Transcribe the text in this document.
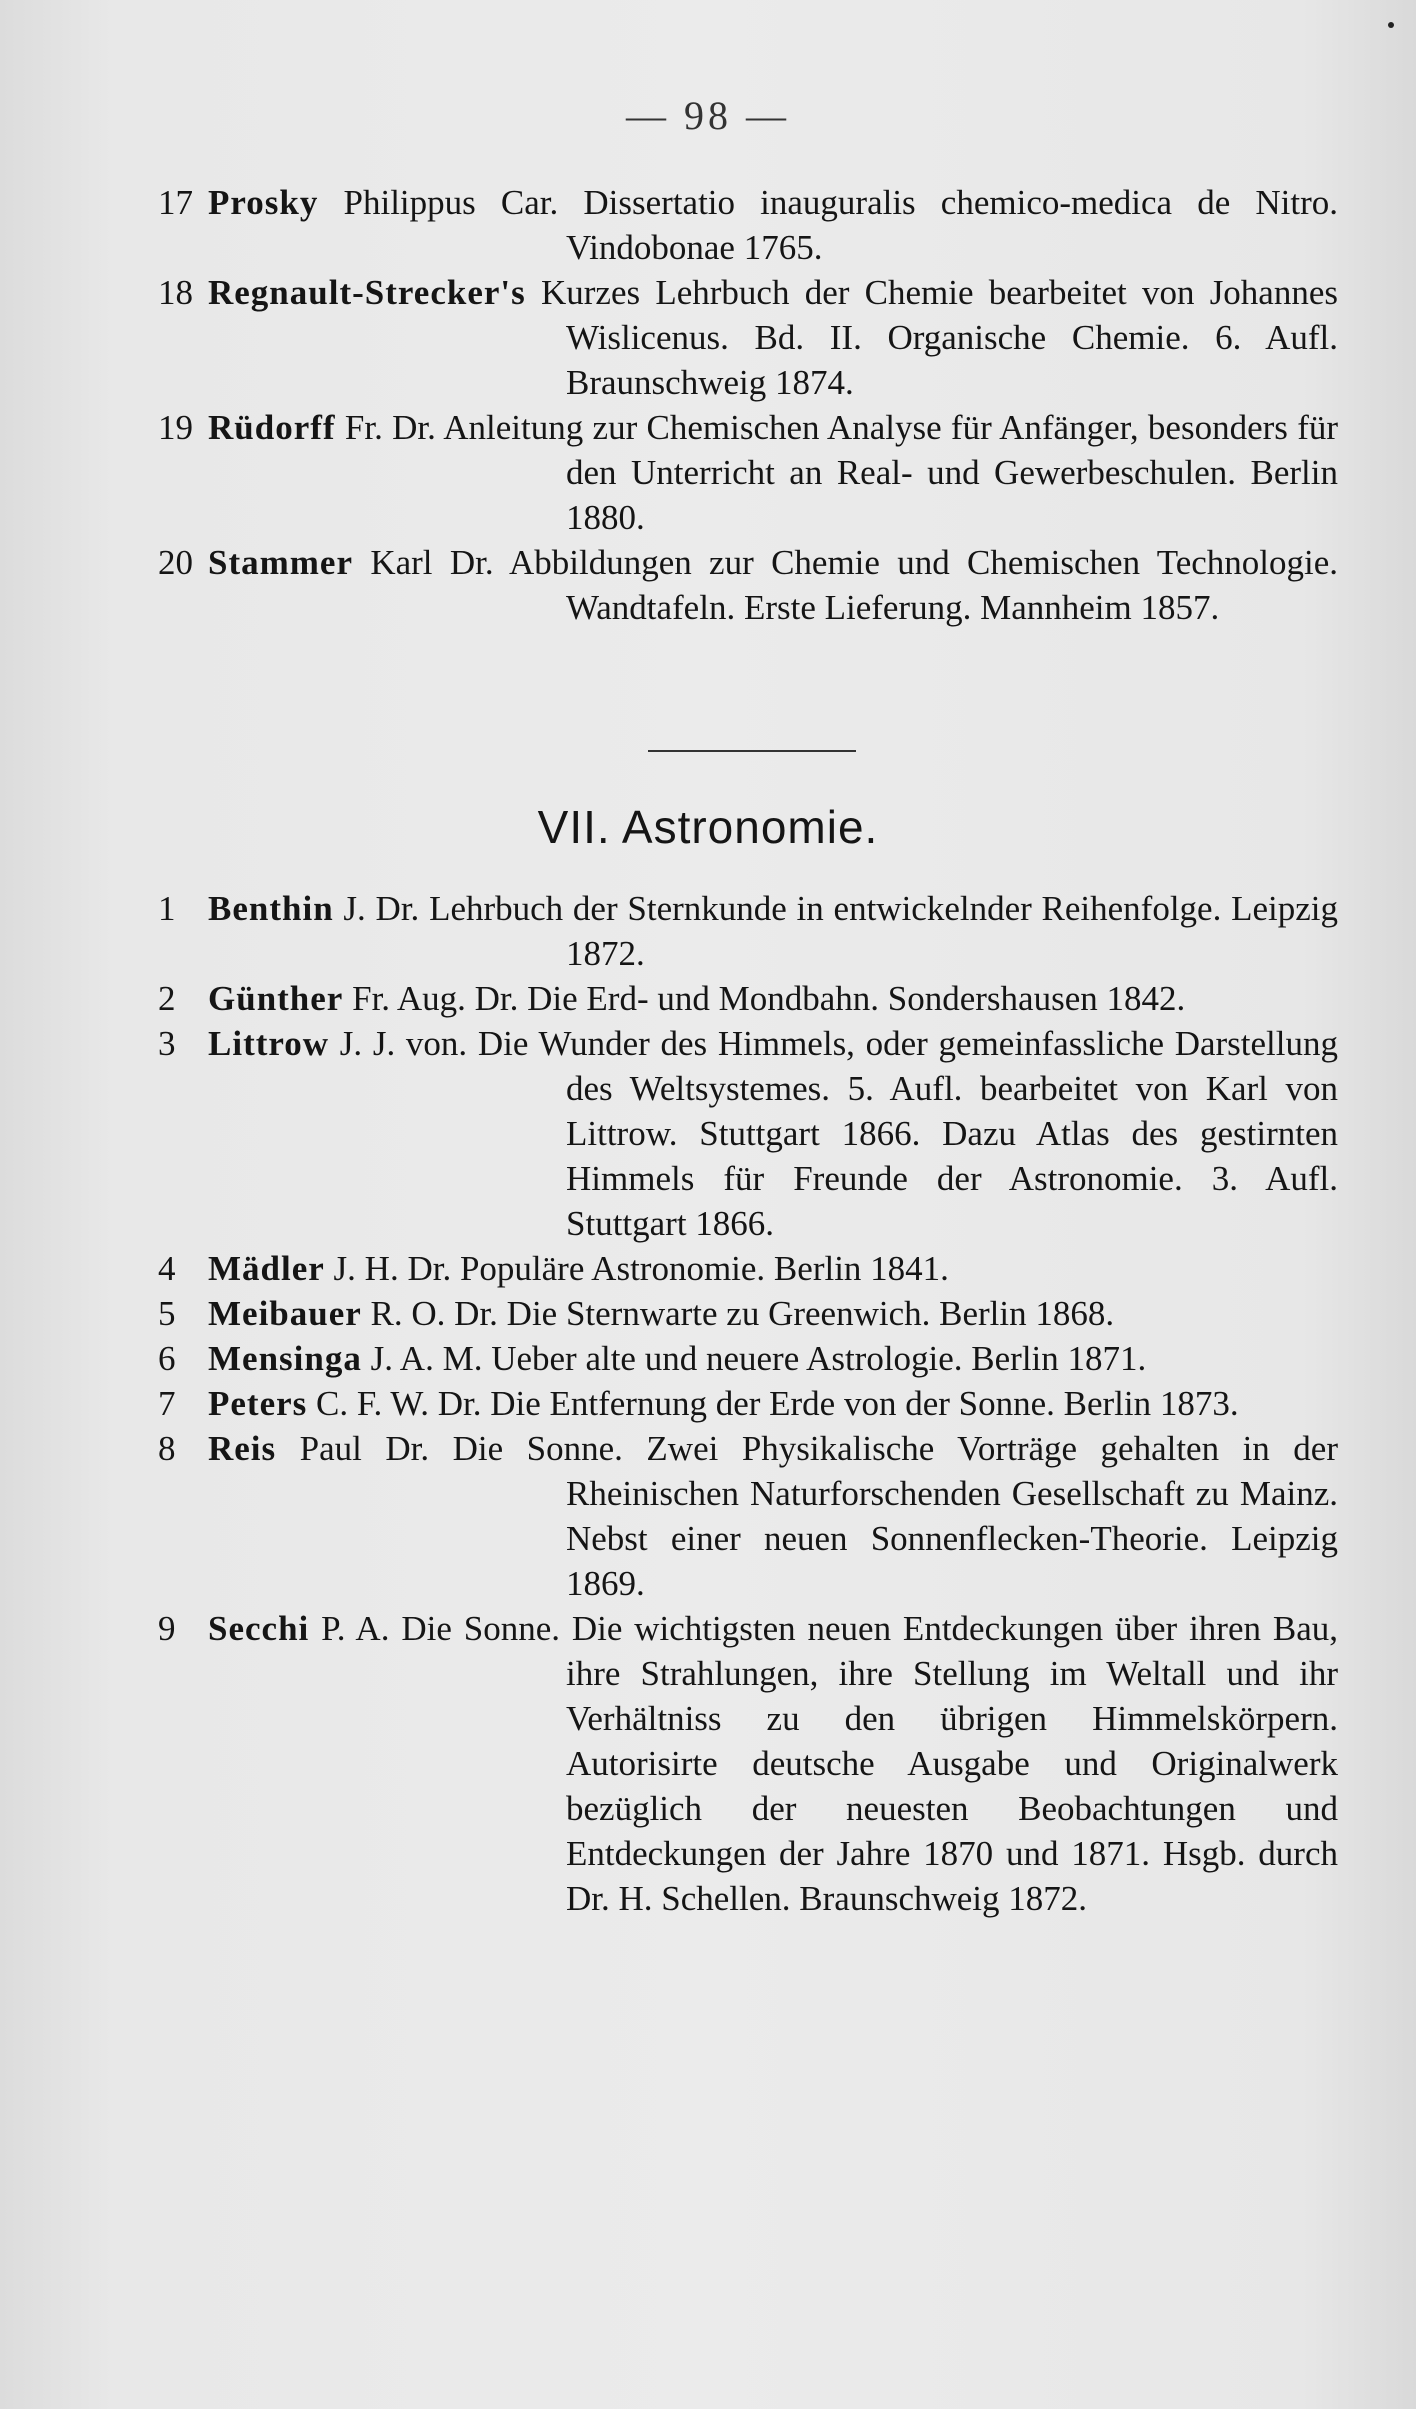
— 98 —
17 Prosky Philippus Car. Dissertatio inauguralis chemico-medica de Nitro. Vindobonae 1765.
18 Regnault-Strecker's Kurzes Lehrbuch der Chemie bearbeitet von Johannes Wislicenus. Bd. II. Organische Chemie. 6. Aufl. Braunschweig 1874.
19 Rüdorff Fr. Dr. Anleitung zur Chemischen Analyse für Anfänger, besonders für den Unterricht an Real- und Gewerbeschulen. Berlin 1880.
20 Stammer Karl Dr. Abbildungen zur Chemie und Chemischen Technologie. Wandtafeln. Erste Lieferung. Mannheim 1857.
VII. Astronomie.
1 Benthin J. Dr. Lehrbuch der Sternkunde in entwickelnder Reihenfolge. Leipzig 1872.
2 Günther Fr. Aug. Dr. Die Erd- und Mondbahn. Sondershausen 1842.
3 Littrow J. J. von. Die Wunder des Himmels, oder gemeinfassliche Darstellung des Weltsystemes. 5. Aufl. bearbeitet von Karl von Littrow. Stuttgart 1866. Dazu Atlas des gestirnten Himmels für Freunde der Astronomie. 3. Aufl. Stuttgart 1866.
4 Mädler J. H. Dr. Populäre Astronomie. Berlin 1841.
5 Meibauer R. O. Dr. Die Sternwarte zu Greenwich. Berlin 1868.
6 Mensinga J. A. M. Ueber alte und neuere Astrologie. Berlin 1871.
7 Peters C. F. W. Dr. Die Entfernung der Erde von der Sonne. Berlin 1873.
8 Reis Paul Dr. Die Sonne. Zwei Physikalische Vorträge gehalten in der Rheinischen Naturforschenden Gesellschaft zu Mainz. Nebst einer neuen Sonnenflecken-Theorie. Leipzig 1869.
9 Secchi P. A. Die Sonne. Die wichtigsten neuen Entdeckungen über ihren Bau, ihre Strahlungen, ihre Stellung im Weltall und ihr Verhältniss zu den übrigen Himmelskörpern. Autorisirte deutsche Ausgabe und Originalwerk bezüglich der neuesten Beobachtungen und Entdeckungen der Jahre 1870 und 1871. Hsgb. durch Dr. H. Schellen. Braunschweig 1872.
